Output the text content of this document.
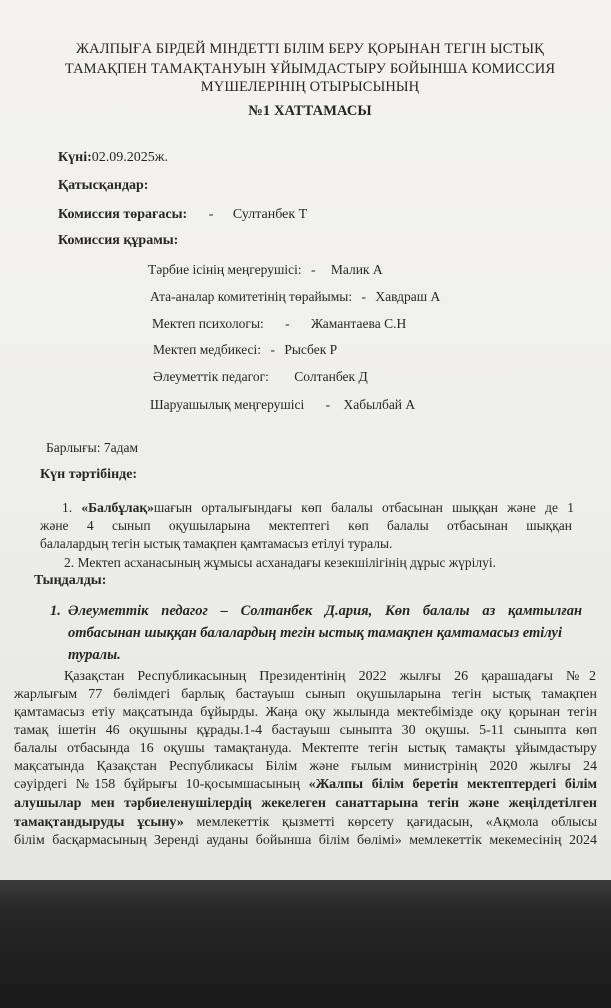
ЖАЛПЫҒА БІРДЕЙ МІНДЕТТІ БІЛІМ БЕРУ ҚОРЫНАН ТЕГІН ЫСТЫҚ
ТАМАҚПЕН ТАМАҚТАНУЫН ҰЙЫМДАСТЫРУ БОЙЫНША КОМИССИЯ
МҮШЕЛЕРІНІҢ ОТЫРЫСЫНЫҢ
№1 ХАТТАМАСЫ
Күні:02.09.2025ж.
Қатысқандар:
Комиссия төрағасы: - Султанбек Т
Комиссия құрамы:
Тәрбие ісінің меңгерушісі: - Малик А
Ата-аналар комитетінің төрайымы: - Хавдраш А
Мектеп психологы: - Жамантаева С.Н
Мектеп медбикесі: - Рысбек Р
Әлеуметтік педагог: Солтанбек Д
Шаруашылық меңгерушісі - Хабылбай А
Барлығы: 7адам
Күн тәртібінде:
1. «Балбұлақ»шағын орталығындағы көп балалы отбасынан шыққан және де 1
және 4 сынып оқушыларына мектептегі көп балалы отбасынан шыққан
балалардың тегін ыстық тамақпен қамтамасыз етілуі туралы.
2. Мектеп асханасының жұмысы асханадағы кезекшілігінің дұрыс жүрілуі.
Тыңдалды:
1. Әлеуметтік педагог – Солтанбек Д.ария, Көп балалы аз қамтылған
отбасынан шыққан балалардың тегін ыстық тамақпен қамтамасыз етілуі
туралы.
Қазақстан Республикасының Президентінің 2022 жылғы 26 қарашадағы №2
жарлығым 77 бөлімдегі барлық бастауыш сынып оқушыларына тегін ыстық тамақпен
қамтамасыз етіу мақсатында бұйырды. Жаңа оқу жылында мектебімізде оқу қорынан тегін
тамақ ішетін 46 оқушыны құрады.1-4 бастауыш сыныпта 30 оқушы. 5-11 сыныпта көп
балалы отбасында 16 оқушы тамақтануда. Мектепте тегін ыстық тамақты ұйымдастыру
мақсатында Қазақстан Республикасы Білім және ғылым министрінің 2020 жылғы 24
сәуірдегі №158 бұйрығы 10-қосымшасының «Жалпы білім беретін мектептердегі білім
алушылар мен тәрбиеленушілердің жекелеген санаттарына тегін және жеңілдетілген
тамақтандыруды ұсыну» мемлекеттік қызметті көрсету қағидасын, «Ақмола облысы
білім басқармасының Зеренді ауданы бойынша білім бөлімі» мемлекеттік мекемесінің 2024
